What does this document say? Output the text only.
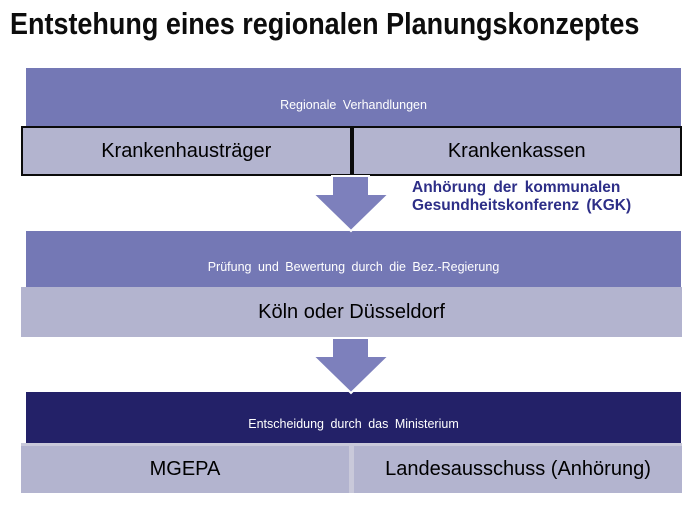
Entstehung eines regionalen Planungskonzeptes
Regionale Verhandlungen
Krankenhausträger	Krankenkassen
Anhörung der kommunalen
Gesundheitskonferenz (KGK)
Prüfung und Bewertung durch die Bez.-Regierung
Köln oder Düsseldorf
Entscheidung durch das Ministerium
MGEPA	Landesausschuss (Anhörung)
